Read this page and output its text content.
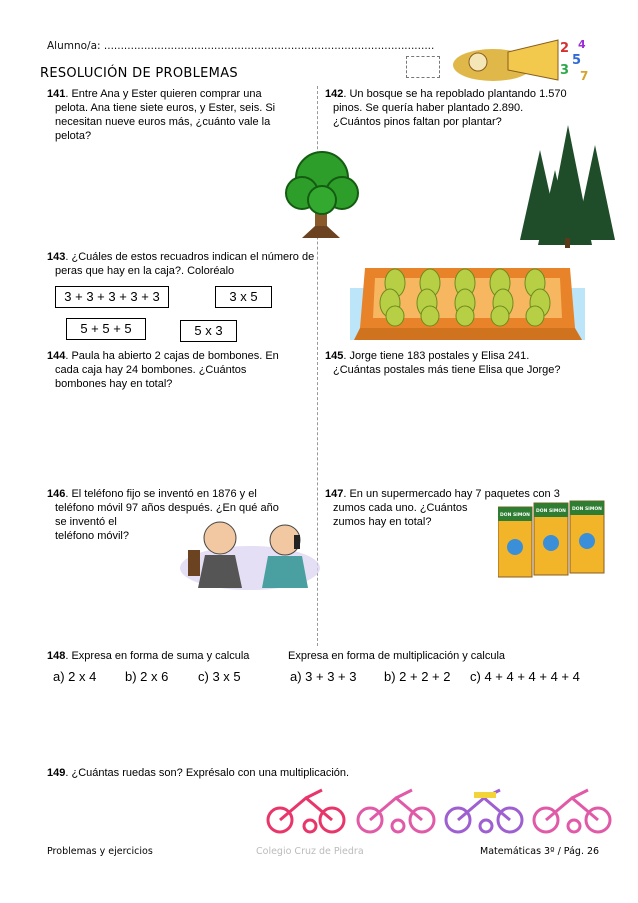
Alumno/a: ...................................................................................................
RESOLUCIÓN DE PROBLEMAS
2
5
3 7
4
141. Entre Ana y Ester quieren comprar una
pelota. Ana tiene siete euros, y Ester, seis. Si
necesitan nueve euros más, ¿cuánto vale la
pelota?
142. Un bosque se ha repoblado plantando 1.570
pinos. Se quería haber plantado 2.890.
¿Cuántos pinos faltan por plantar?
143. ¿Cuáles de estos recuadros indican el número de
peras que hay en la caja?. Coloréalo
3 + 3 + 3 + 3 + 3	3 x 5
5 + 5 + 5	5 x 3
144. Paula ha abierto 2 cajas de bombones. En
cada caja hay 24 bombones. ¿Cuántos
bombones hay en total?
145. Jorge tiene 183 postales y Elisa 241.
¿Cuántas postales más tiene Elisa que Jorge?
146. El teléfono fijo se inventó en 1876 y el
teléfono móvil 97 años después. ¿En qué año
se inventó el
teléfono móvil?
147. En un supermercado hay 7 paquetes con 3
zumos cada uno. ¿Cuántos
zumos hay en total?
DON SIMON
DON SIMON DON SIMON
148. Expresa en forma de suma y calcula	Expresa en forma de multiplicación y calcula
a) 2 x 4 b) 2 x 6 c) 3 x 5	a) 3 + 3 + 3 b) 2 + 2 + 2 c) 4 + 4 + 4 + 4 + 4
149. ¿Cuántas ruedas son? Exprésalo con una multiplicación.
Problemas y ejercicios	Colegio Cruz de Piedra	Matemáticas 3º / Pág. 26
